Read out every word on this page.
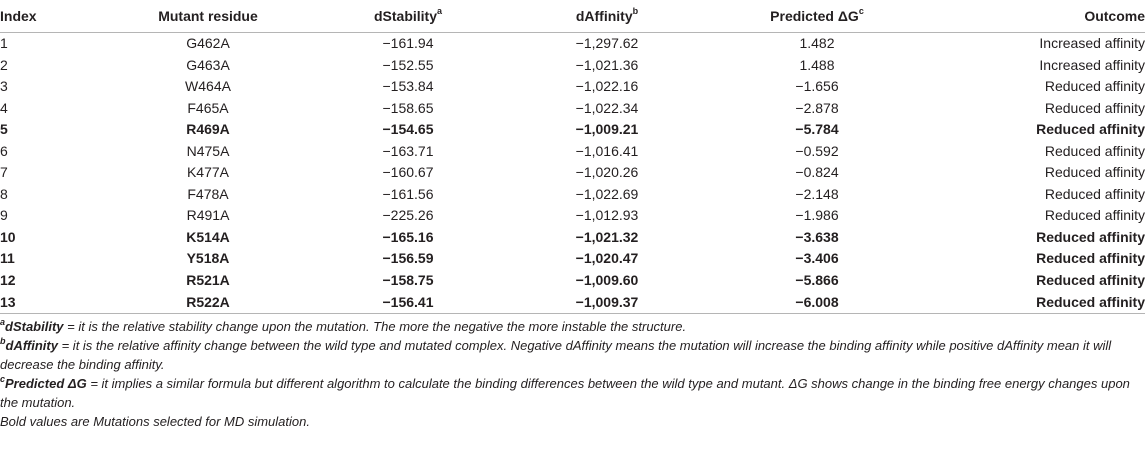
Index	Mutant residue	dStability$^a$	dAffinity$^b$	Predicted $\Delta G^c$	Outcome
1	G462A	−161.94	−1,297.62	1.482	Increased affinity
2	G463A	−152.55	−1,021.36	1.488	Increased affinity
3	W464A	−153.84	−1,022.16	−1.656	Reduced affinity
4	F465A	−158.65	−1,022.34	−2.878	Reduced affinity
5	R469A	−154.65	−1,009.21	−5.784	Reduced affinity
6	N475A	−163.71	−1,016.41	−0.592	Reduced affinity
7	K477A	−160.67	−1,020.26	−0.824	Reduced affinity
8	F478A	−161.56	−1,022.69	−2.148	Reduced affinity
9	R491A	−225.26	−1,012.93	−1.986	Reduced affinity
10	K514A	−165.16	−1,021.32	−3.638	Reduced affinity
11	Y518A	−156.59	−1,020.47	−3.406	Reduced affinity
12	R521A	−158.75	−1,009.60	−5.866	Reduced affinity
13	R522A	−156.41	−1,009.37	−6.008	Reduced affinity

$^a$dStability = it is the relative stability change upon the mutation. The more the negative the more instable the structure.

$^b$dAffinity = it is the relative affinity change between the wild type and mutated complex. Negative dAffinity means the mutation will increase the binding affinity while positive dAffinity mean it will decrease the binding affinity.

$^c$Predicted ΔG = it implies a similar formula but different algorithm to calculate the binding differences between the wild type and mutant. ΔG shows change in the binding free energy changes upon the mutation.

Bold values are Mutations selected for MD simulation.
